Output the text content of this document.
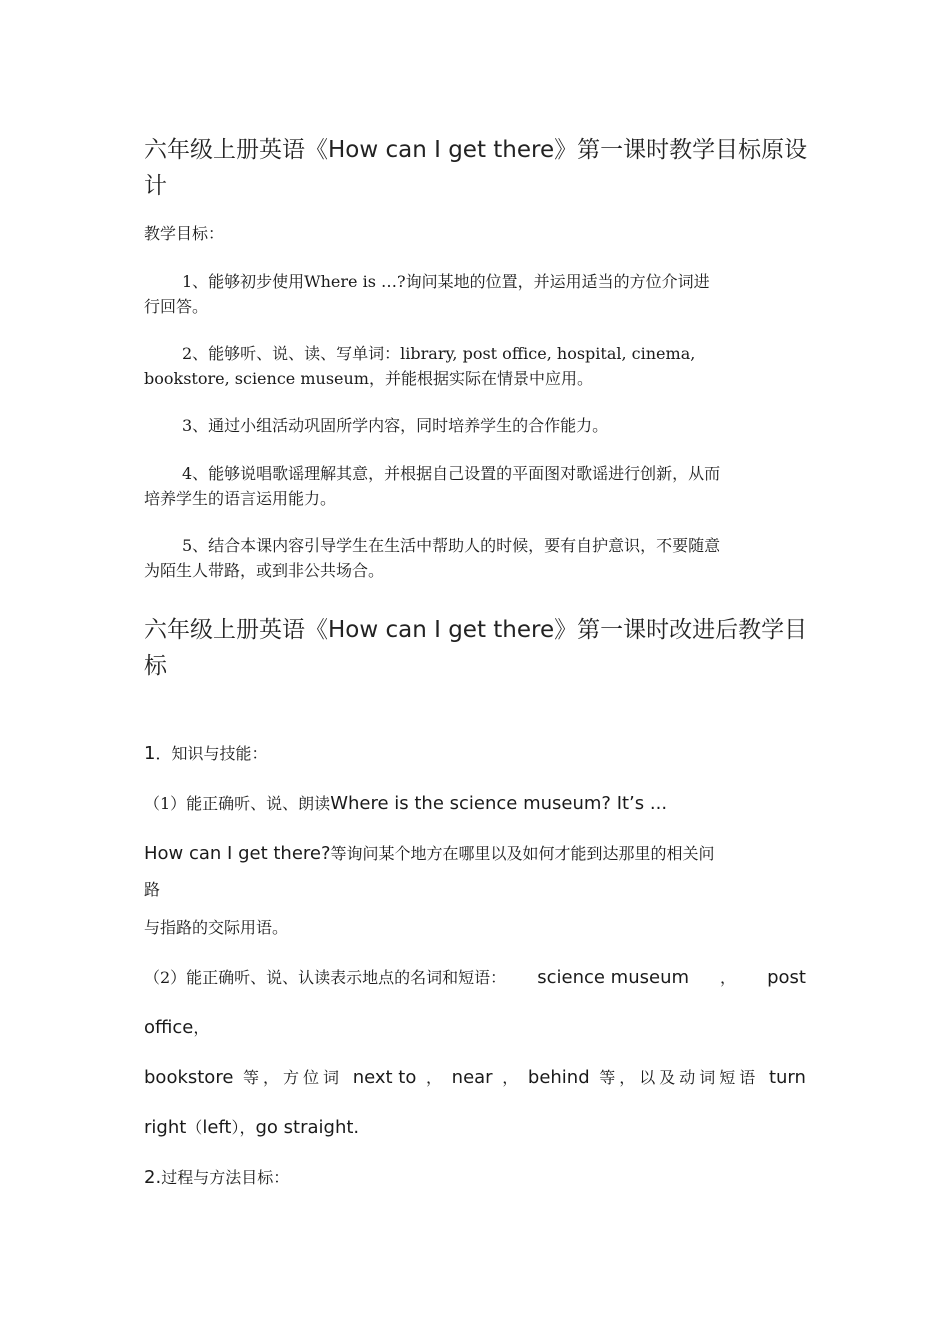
六年级上册英语《How can I get there》第一课时教学目标原设
计

教学目标：

1、能够初步使用Where is …?询问某地的位置，并运用适当的方位介词进

行回答。

2、能够听、说、读、写单词：library, post office, hospital, cinema,

bookstore, science museum，并能根据实际在情景中应用。

3、通过小组活动巩固所学内容，同时培养学生的合作能力。

4、能够说唱歌谣理解其意，并根据自己设置的平面图对歌谣进行创新，从而

培养学生的语言运用能力。

5、结合本课内容引导学生在生活中帮助人的时候，要有自护意识，不要随意

为陌生人带路，或到非公共场合。

六年级上册英语《How can I get there》第一课时改进后教学目
标

1．知识与技能：

（1）能正确听、说、朗读Where is the science museum? It’s ...

How can I get there?等询问某个地方在哪里以及如何才能到达那里的相关问

路

与指路的交际用语。

（2）能正确听、说、认读表示地点的名词和短语： science museum ， post

office，

bookstore 等，方位词 next to ， near ， behind 等，以及动词短语 turn

right（left），go straight.

2.过程与方法目标：
